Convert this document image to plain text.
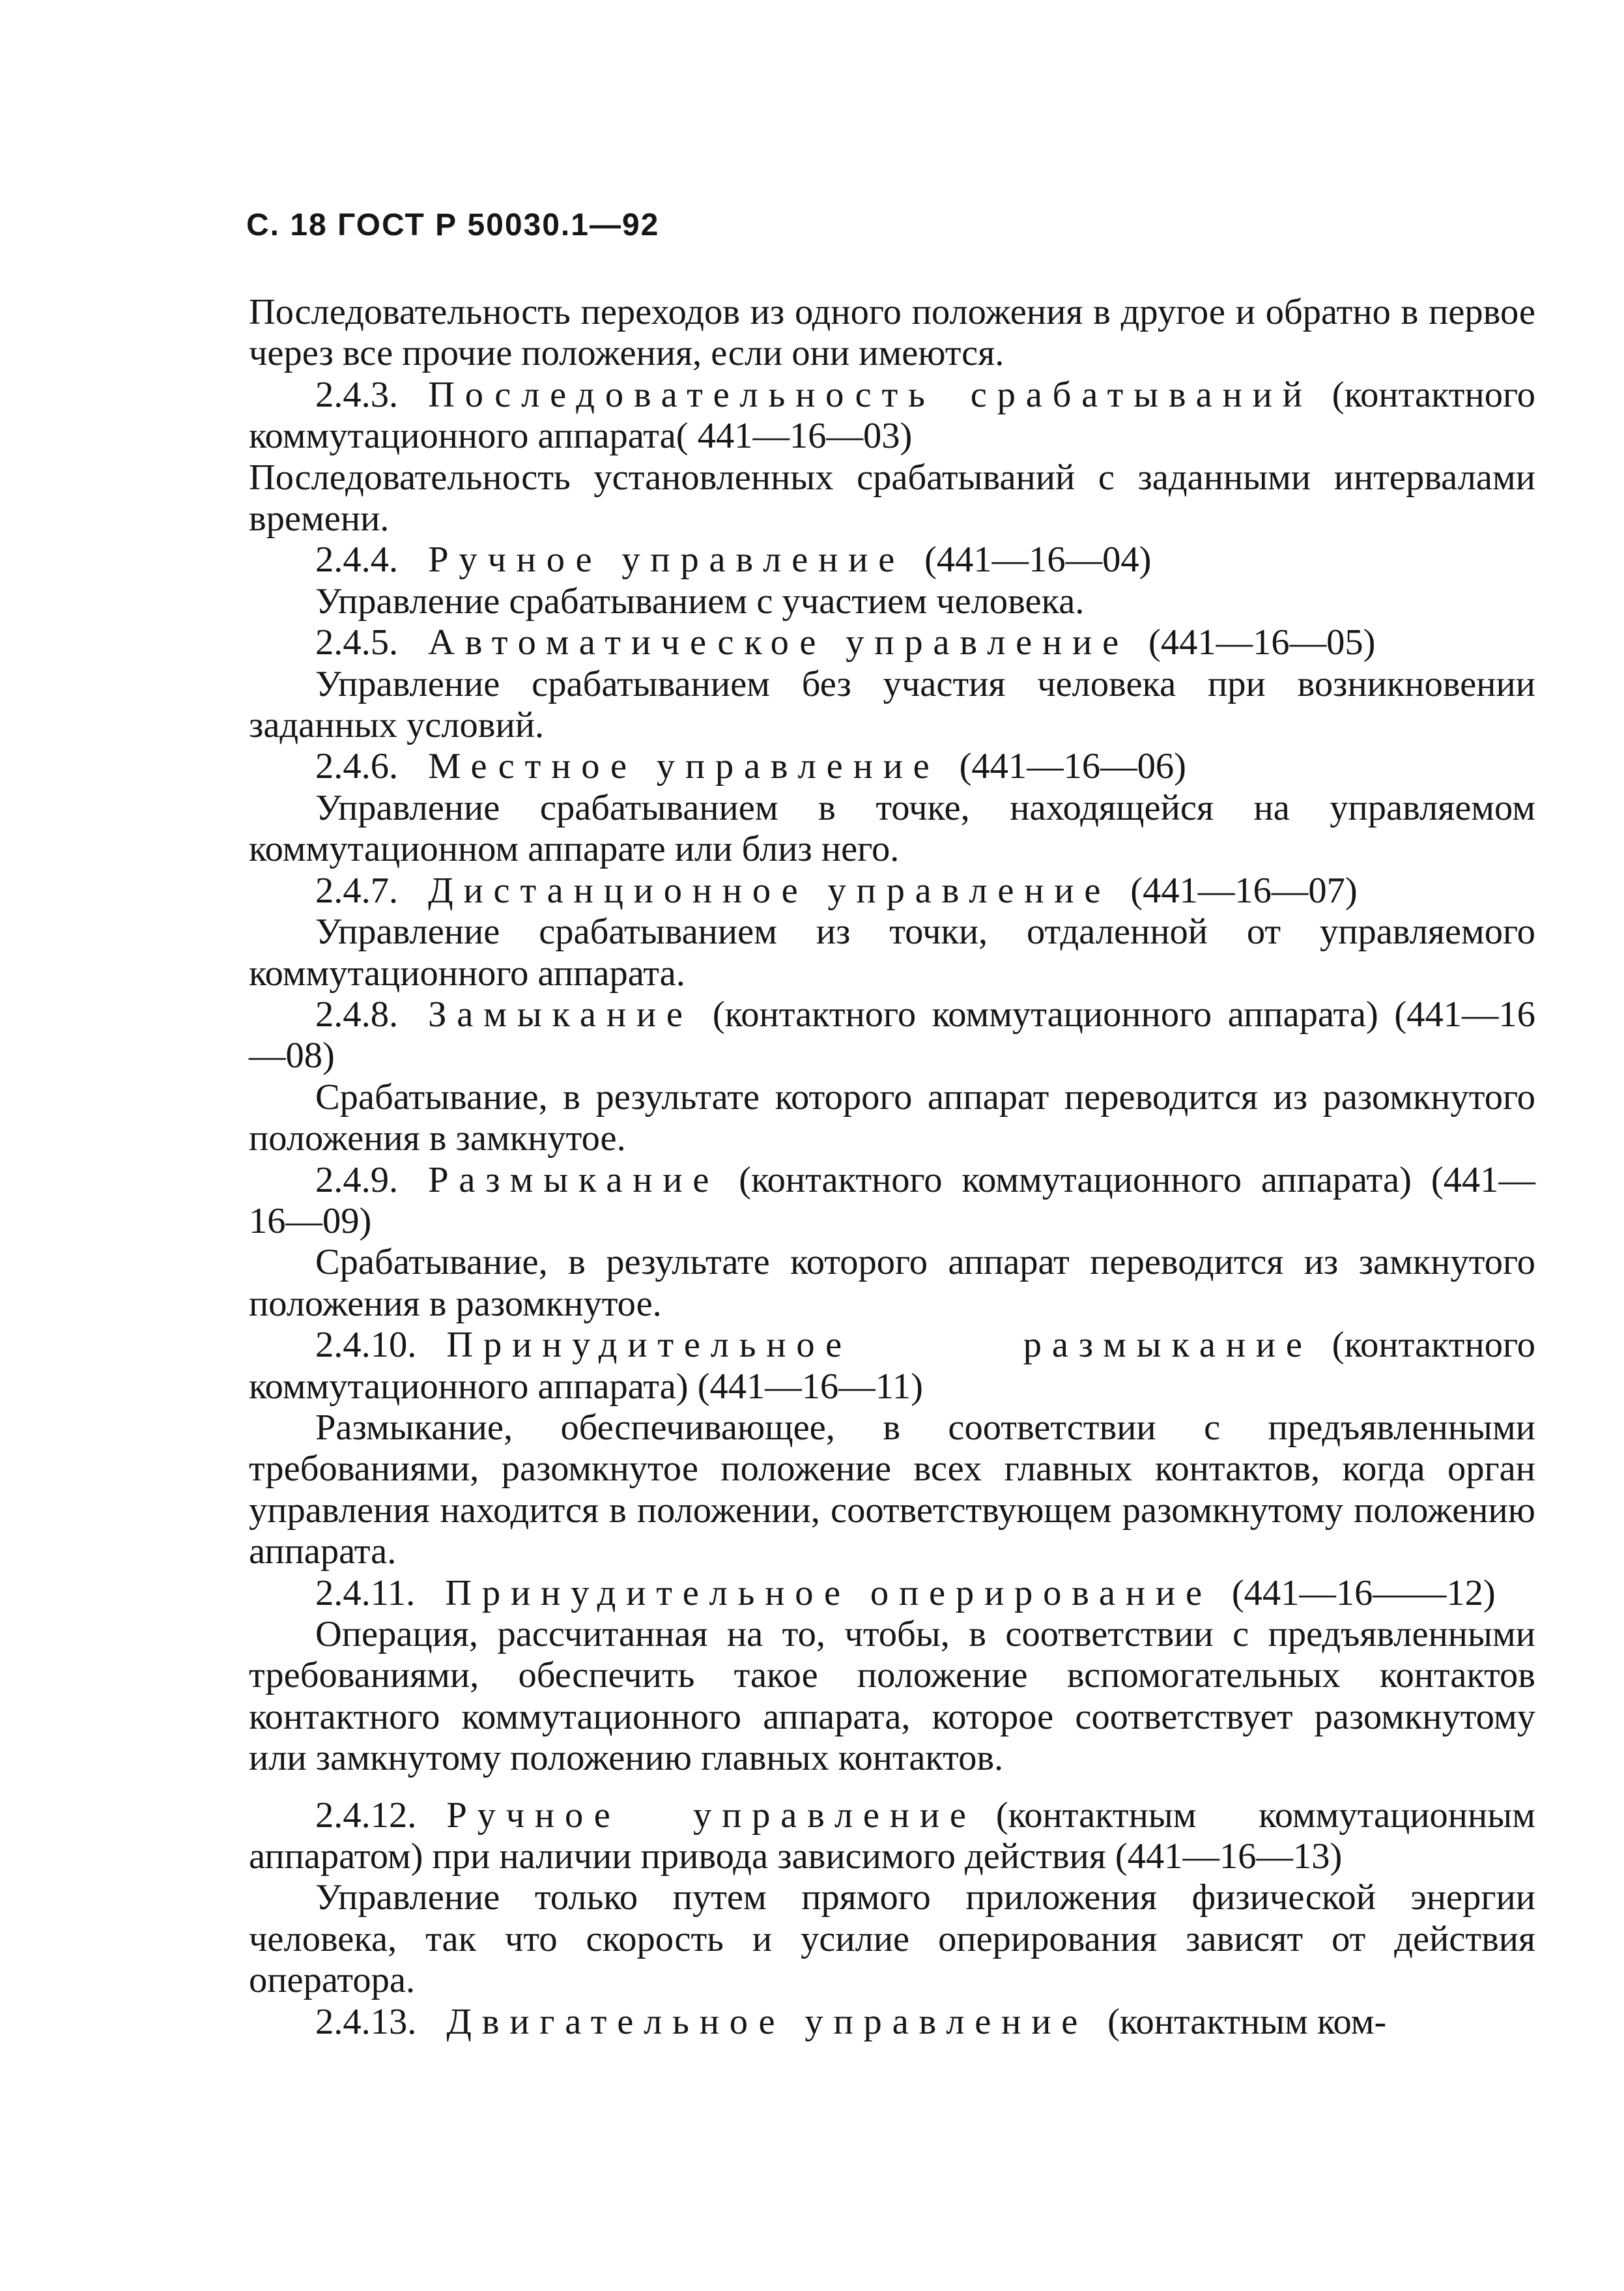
С. 18 ГОСТ Р 50030.1—92

Последовательность переходов из одного положения в другое и обратно в первое через все прочие положения, если они имеются.

2.4.3. Последовательность срабатываний (контактного коммутационного аппарата( 441—16—03)

Последовательность установленных срабатываний с заданными интервалами времени.

2.4.4. Ручное управление (441—16—04)

Управление срабатыванием с участием человека.

2.4.5. Автоматическое управление (441—16—05)

Управление срабатыванием без участия человека при возникновении заданных условий.

2.4.6. Местное управление (441—16—06)

Управление срабатыванием в точке, находящейся на управляемом коммутационном аппарате или близ него.

2.4.7. Дистанционное управление (441—16—07)

Управление срабатыванием из точки, отдаленной от управляемого коммутационного аппарата.

2.4.8. Замыкание (контактного коммутационного аппарата) (441—16—08)

Срабатывание, в результате которого аппарат переводится из разомкнутого положения в замкнутое.

2.4.9. Размыкание (контактного коммутационного аппарата) (441—16—09)

Срабатывание, в результате которого аппарат переводится из замкнутого положения в разомкнутое.

2.4.10. Принудительное размыкание (контактного коммутационного аппарата) (441—16—11)

Размыкание, обеспечивающее, в соответствии с предъявленными требованиями, разомкнутое положение всех главных контактов, когда орган управления находится в положении, соответствующем разомкнутому положению аппарата.

2.4.11. Принудительное оперирование (441—16——12)

Операция, рассчитанная на то, чтобы, в соответствии с предъявленными требованиями, обеспечить такое положение вспомогательных контактов контактного коммутационного аппарата, которое соответствует разомкнутому или замкнутому положению главных контактов.

2.4.12. Ручное управление (контактным коммутационным аппаратом) при наличии привода зависимого действия (441—16—13)

Управление только путем прямого приложения физической энергии человека, так что скорость и усилие оперирования зависят от действия оператора.

2.4.13. Двигательное управление (контактным ком-
